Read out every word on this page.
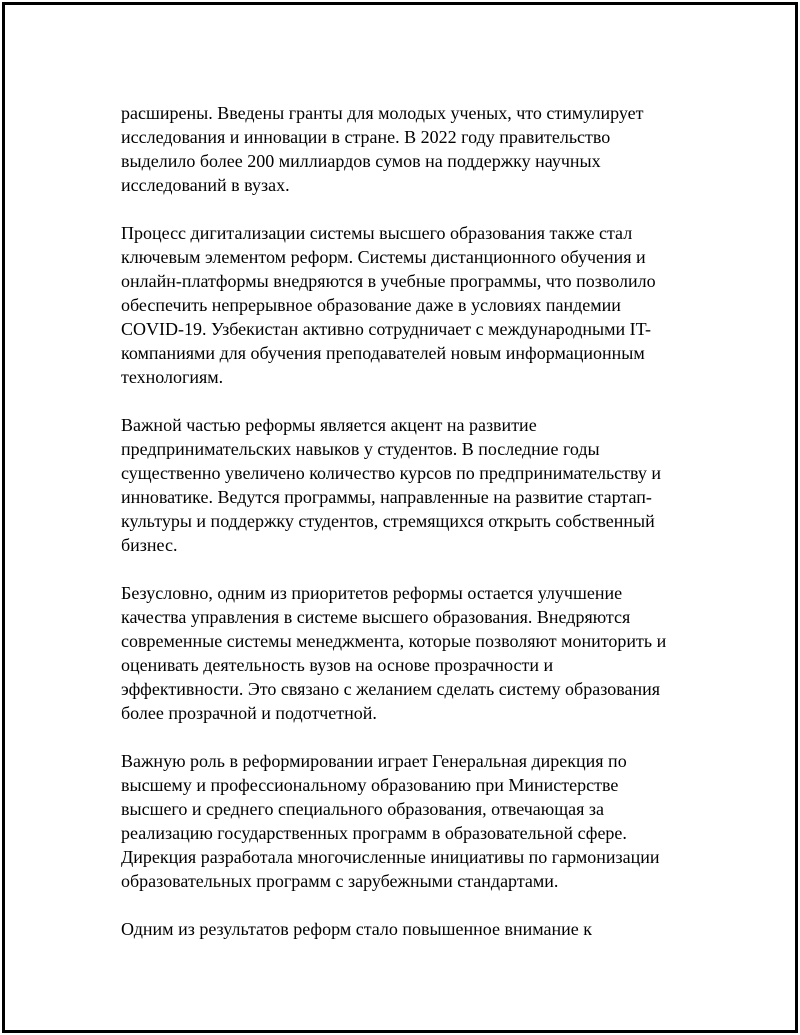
расширены. Введены гранты для молодых ученых, что стимулирует
исследования и инновации в стране. В 2022 году правительство
выделило более 200 миллиардов сумов на поддержку научных
исследований в вузах.

Процесс дигитализации системы высшего образования также стал
ключевым элементом реформ. Системы дистанционного обучения и
онлайн-платформы внедряются в учебные программы, что позволило
обеспечить непрерывное образование даже в условиях пандемии
COVID-19. Узбекистан активно сотрудничает с международными IT-
компаниями для обучения преподавателей новым информационным
технологиям.

Важной частью реформы является акцент на развитие
предпринимательских навыков у студентов. В последние годы
существенно увеличено количество курсов по предпринимательству и
инноватике. Ведутся программы, направленные на развитие стартап-
культуры и поддержку студентов, стремящихся открыть собственный
бизнес.

Безусловно, одним из приоритетов реформы остается улучшение
качества управления в системе высшего образования. Внедряются
современные системы менеджмента, которые позволяют мониторить и
оценивать деятельность вузов на основе прозрачности и
эффективности. Это связано с желанием сделать систему образования
более прозрачной и подотчетной.

Важную роль в реформировании играет Генеральная дирекция по
высшему и профессиональному образованию при Министерстве
высшего и среднего специального образования, отвечающая за
реализацию государственных программ в образовательной сфере.
Дирекция разработала многочисленные инициативы по гармонизации
образовательных программ с зарубежными стандартами.

Одним из результатов реформ стало повышенное внимание к
